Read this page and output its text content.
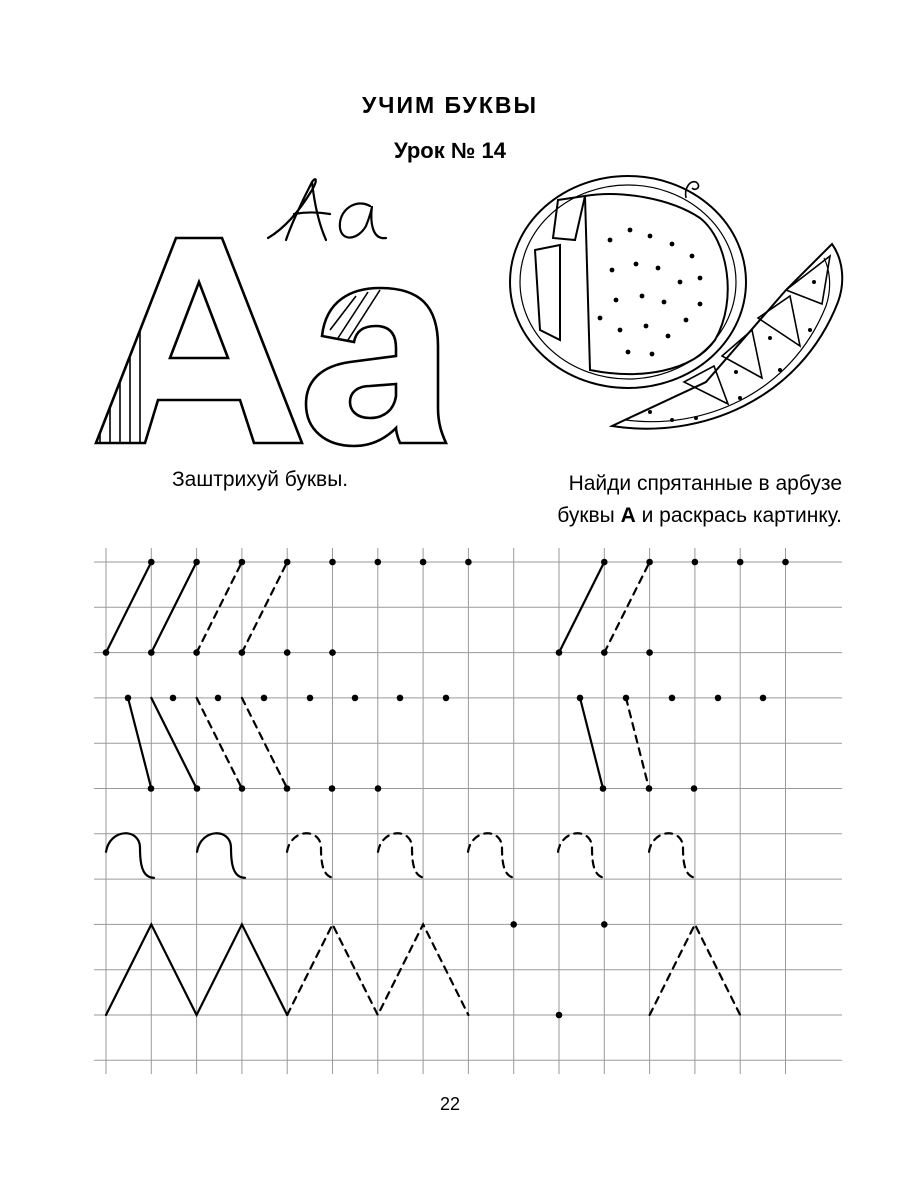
УЧИМ БУКВЫ
Урок № 14
Заштрихуй буквы.	Найди спрятанные в арбузе
буквы А и раскрась картинку.
22
